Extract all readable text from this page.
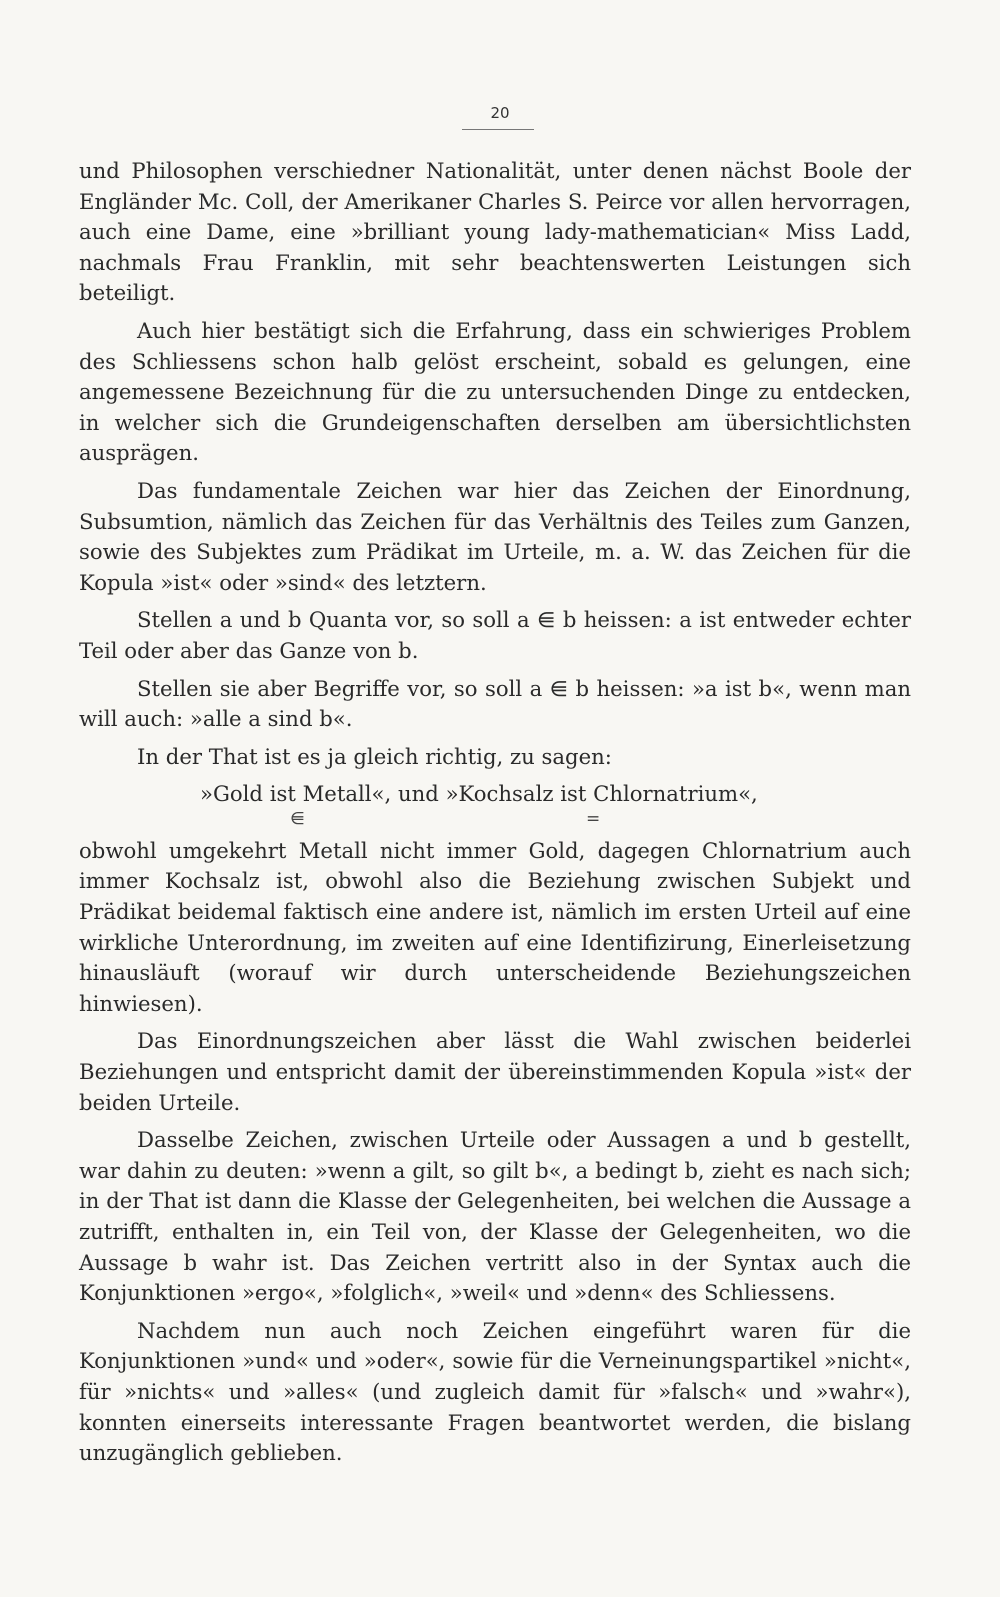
20

und Philosophen verschiedner Nationalität, unter denen nächst Boole der Engländer Mc. Coll, der Amerikaner Charles S. Peirce vor allen hervorragen, auch eine Dame, eine »brilliant young lady-mathematician« Miss Ladd, nachmals Frau Franklin, mit sehr beachtenswerten Leistungen sich beteiligt.

Auch hier bestätigt sich die Erfahrung, dass ein schwieriges Problem des Schliessens schon halb gelöst erscheint, sobald es gelungen, eine angemessene Bezeichnung für die zu untersuchenden Dinge zu entdecken, in welcher sich die Grundeigenschaften derselben am übersichtlichsten ausprägen.

Das fundamentale Zeichen war hier das Zeichen der Einordnung, Subsumtion, nämlich das Zeichen für das Verhältnis des Teiles zum Ganzen, sowie des Subjektes zum Prädikat im Urteile, m. a. W. das Zeichen für die Kopula »ist« oder »sind« des letztern.

Stellen a und b Quanta vor, so soll a ⋹ b heissen: a ist entweder echter Teil oder aber das Ganze von b.

Stellen sie aber Begriffe vor, so soll a ⋹ b heissen: »a ist b«, wenn man will auch: »alle a sind b«.

In der That ist es ja gleich richtig, zu sagen:

»Gold ist Metall«, und »Kochsalz ist Chlornatrium«,

⋹	=

obwohl umgekehrt Metall nicht immer Gold, dagegen Chlornatrium auch immer Kochsalz ist, obwohl also die Beziehung zwischen Subjekt und Prädikat beidemal faktisch eine andere ist, nämlich im ersten Urteil auf eine wirkliche Unterordnung, im zweiten auf eine Identifizirung, Einerleisetzung hinausläuft (worauf wir durch unterscheidende Beziehungszeichen hinwiesen).

Das Einordnungszeichen aber lässt die Wahl zwischen beiderlei Beziehungen und entspricht damit der übereinstimmenden Kopula »ist« der beiden Urteile.

Dasselbe Zeichen, zwischen Urteile oder Aussagen a und b gestellt, war dahin zu deuten: »wenn a gilt, so gilt b«, a bedingt b, zieht es nach sich; in der That ist dann die Klasse der Gelegenheiten, bei welchen die Aussage a zutrifft, enthalten in, ein Teil von, der Klasse der Gelegenheiten, wo die Aussage b wahr ist. Das Zeichen vertritt also in der Syntax auch die Konjunktionen »ergo«, »folglich«, »weil« und »denn« des Schliessens.

Nachdem nun auch noch Zeichen eingeführt waren für die Konjunktionen »und« und »oder«, sowie für die Verneinungspartikel »nicht«, für »nichts« und »alles« (und zugleich damit für »falsch« und »wahr«), konnten einerseits interessante Fragen beantwortet werden, die bislang unzugänglich geblieben.
